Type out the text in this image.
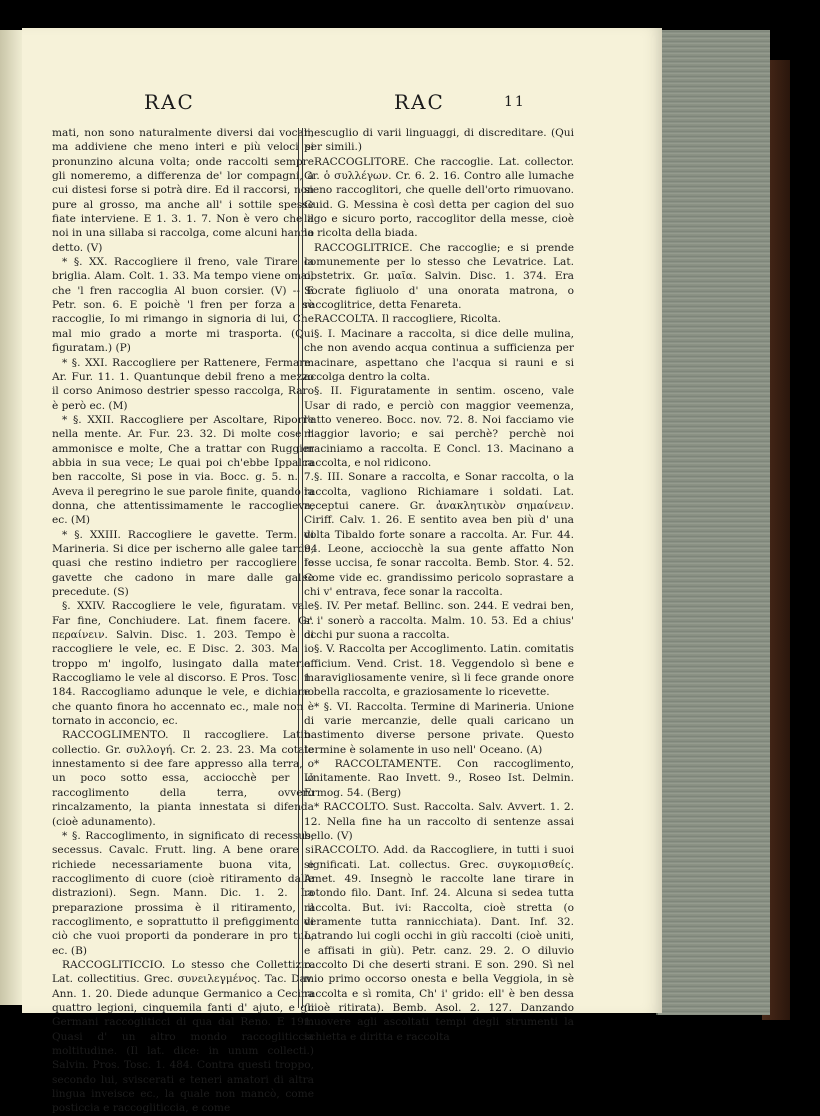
RAC	RAC	11

mati, non sono naturalmente diversi dai vocali, ma addiviene che meno interi e più veloci si pronunzino alcuna volta; onde raccolti sempre gli nomeremo, a differenza de' lor compagni, a cui distesi forse si potrà dire. Ed il raccorsi, non pure al grosso, ma anche all' i sottile spesse fiate interviene. E 1. 3. 1. 7. Non è vero che il noi in una sillaba si raccolga, come alcuni hanno detto. (V)

* §. XX. Raccogliere il freno, vale Tirare la briglia. Alam. Colt. 1. 33. Ma tempo viene omai, che 'l fren raccoglia Al buon corsier. (V) -- E Petr. son. 6. E poichè 'l fren per forza a sè raccoglie, Io mi rimango in signoria di lui, Che mal mio grado a morte mi trasporta. (Qui figuratam.) (P)

* §. XXI. Raccogliere per Rattenere, Fermare. Ar. Fur. 11. 1. Quantunque debil freno a mezzo il corso Animoso destrier spesso raccolga, Raro è però ec. (M)

* §. XXII. Raccogliere per Ascoltare, Riporre nella mente. Ar. Fur. 23. 32. Di molte cose l' ammonisce e molte, Che a trattar con Ruggier abbia in sua vece; Le quai poi ch'ebbe Ippalca ben raccolte, Si pose in via. Bocc. g. 5. n. 7. Aveva il peregrino le sue parole finite, quando la donna, che attentissimamente le raccoglieva, ec. (M)

* §. XXIII. Raccogliere le gavette. Term. di Marineria. Si dice per ischerno alle galee tarde, quasi che restino indietro per raccogliere le gavette che cadono in mare dalle galee precedute. (S)

§. XXIV. Raccogliere le vele, figuratam. vale Far fine, Conchiudere. Lat. finem facere. Gr. περαίνειν. Salvin. Disc. 1. 203. Tempo è di raccogliere le vele, ec. E Disc. 2. 303. Ma io troppo m' ingolfo, lusingato dalla materia. Raccogliamo le vele al discorso. E Pros. Tosc. 1. 184. Raccogliamo adunque le vele, e dichiamo che quanto finora ho accennato ec., male non è tornato in acconcio, ec.

RACCOGLIMENTO. Il raccogliere. Latin. collectio. Gr. συλλογή. Cr. 2. 23. 23. Ma cotale innestamento si dee fare appresso alla terra, o un poco sotto essa, acciocchè per lo raccoglimento della terra, ovvero rincalzamento, la pianta innestata si difenda (cioè adunamento).

* §. Raccoglimento, in significato di recessus, secessus. Cavalc. Frutt. ling. A bene orare si richiede necessariamente buona vita, e raccoglimento di cuore (cioè ritiramento dalle distrazioni). Segn. Mann. Dic. 1. 2. La preparazione prossima è il ritiramento, il raccoglimento, e soprattutto il prefiggimento di ciò che vuoi proporti da ponderare in pro tuo, ec. (B)

RACCOGLITICCIO. Lo stesso che Collettizio. Lat. collectitius. Grec. συνειλεγμένος. Tac. Dav. Ann. 1. 20. Diede adunque Germanico a Cecina quattro legioni, cinquemila fanti d' ajuto, e gli Germani raccogliticci di qua dal Reno. E 191. Quasi d' un altro mondo raccogliticcia moltitudine. (Il lat. dice: in unum collecti.) Salvin. Pros. Tosc. 1. 484. Contra questi troppo, secondo lui, sviscerati e teneri amatori di altra lingua inveisce ec., la quale non mancò, come posticcia e raccogliticcia, e come

mescuglio di varii linguaggi, di discreditare. (Qui per simili.)

RACCOGLITORE. Che raccoglie. Lat. collector. Gr. ὁ συλλέγων. Cr. 6. 2. 16. Contro alle lumache sieno raccoglitori, che quelle dell'orto rimuovano. Guid. G. Messina è così detta per cagion del suo lago e sicuro porto, raccoglitor della messe, cioè la ricolta della biada.

RACCOGLITRICE. Che raccoglie; e si prende comunemente per lo stesso che Levatrice. Lat. obstetrix. Gr. μαῖα. Salvin. Disc. 1. 374. Era Socrate figliuolo d' una onorata matrona, o raccoglitrice, detta Fenareta.

RACCOLTA. Il raccogliere, Ricolta.

§. I. Macinare a raccolta, si dice delle mulina, che non avendo acqua continua a sufficienza per macinare, aspettano che l'acqua si rauni e si accolga dentro la colta.

§. II. Figuratamente in sentim. osceno, vale Usar di rado, e perciò con maggior veemenza, l'atto venereo. Bocc. nov. 72. 8. Noi facciamo vie maggior lavorio; e sai perchè? perchè noi maciniamo a raccolta. E Concl. 13. Macinano a raccolta, e nol ridicono.

§. III. Sonare a raccolta, e Sonar raccolta, o la raccolta, vagliono Richiamare i soldati. Lat. receptui canere. Gr. ἀνακλητικὸν σημαίνειν. Ciriff. Calv. 1. 26. E sentito avea ben più d' una volta Tibaldo forte sonare a raccolta. Ar. Fur. 44. 94. Leone, acciocchè la sua gente affatto Non fosse uccisa, fe sonar raccolta. Bemb. Stor. 4. 52. Come vide ec. grandissimo pericolo soprastare a chi v' entrava, fece sonar la raccolta.

§. IV. Per metaf. Bellinc. son. 244. E vedrai ben, s' i' sonerò a raccolta. Malm. 10. 53. Ed a chius' occhi pur suona a raccolta.

§. V. Raccolta per Accoglimento. Latin. comitatis officium. Vend. Crist. 18. Veggendolo sì bene e maravigliosamente venire, sì li fece grande onore e bella raccolta, e graziosamente lo ricevette.

* §. VI. Raccolta. Termine di Marineria. Unione di varie mercanzie, delle quali caricano un bastimento diverse persone private. Questo termine è solamente in uso nell' Oceano. (A)

* RACCOLTAMENTE. Con raccoglimento, Unitamente. Rao Invett. 9., Roseo Ist. Delmin. Ermog. 54. (Berg)

* RACCOLTO. Sust. Raccolta. Salv. Avvert. 1. 2. 12. Nella fine ha un raccolto di sentenze assai bello. (V)

RACCOLTO. Add. da Raccogliere, in tutti i suoi significati. Lat. collectus. Grec. συγκομισθείς. Amet. 49. Insegnò le raccolte lane tirare in rotondo filo. Dant. Inf. 24. Alcuna si sedea tutta raccolta. But. ivi: Raccolta, cioè stretta (o veramente tutta rannicchiata). Dant. Inf. 32. Latrando lui cogli occhi in giù raccolti (cioè uniti, e affisati in giù). Petr. canz. 29. 2. O diluvio raccolto Di che deserti strani. E son. 290. Sì nel mio primo occorso onesta e bella Veggiola, in sè raccolta e sì romita, Ch' i' grido: ell' è ben dessa (cioè ritirata). Bemb. Asol. 2. 127. Danzando muovere agli ascoltati tempi degli strumenti la schietta e diritta e raccolta
